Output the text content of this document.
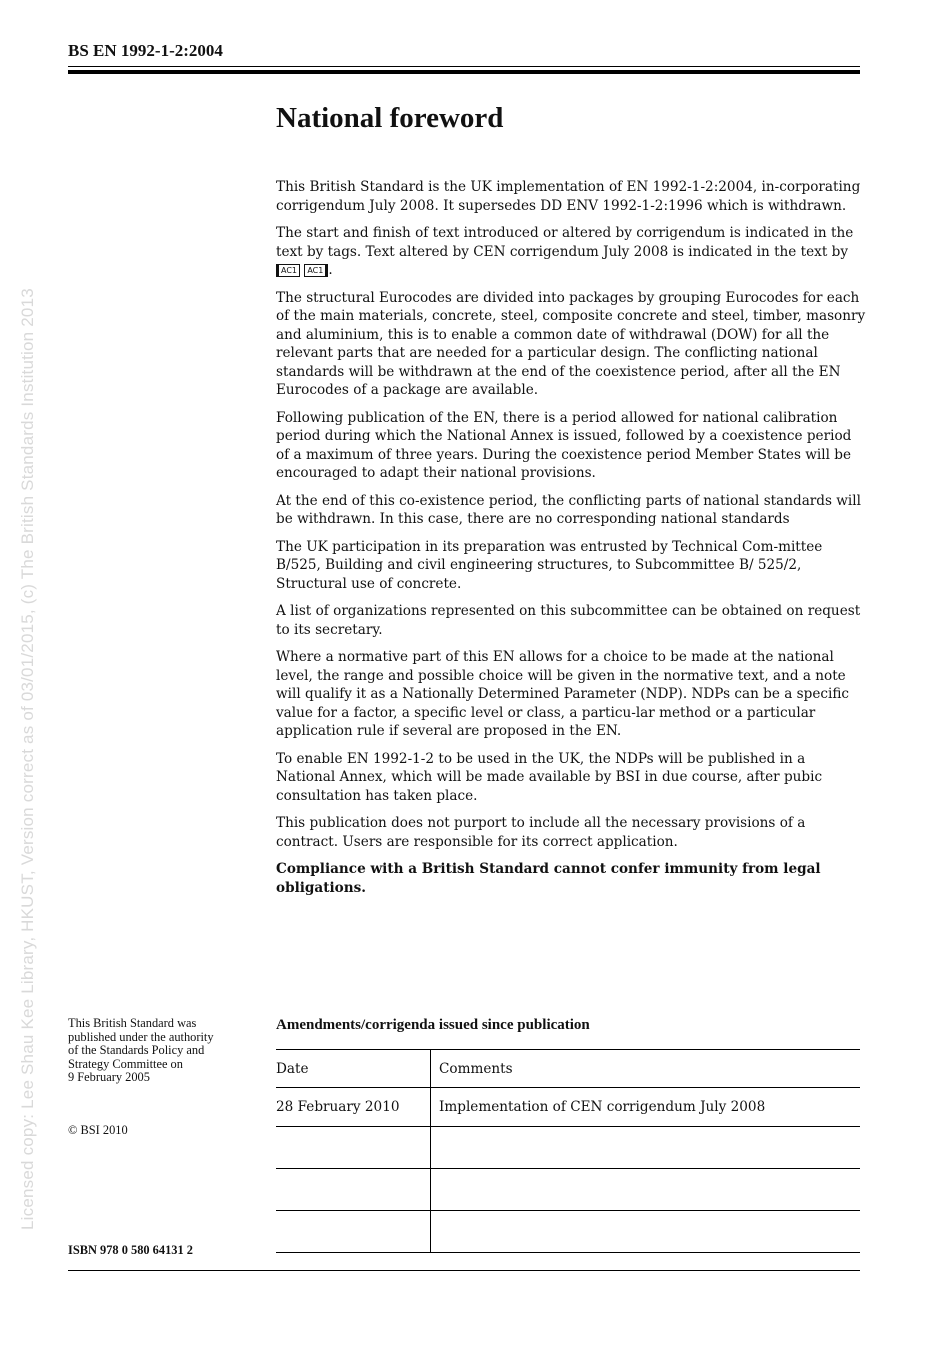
Licensed copy: Lee Shau Kee Library, HKUST, Version correct as of 03/01/2015, (c) The British Standards Institution 2013
BS EN 1992-1-2:2004
National foreword

This British Standard is the UK implementation of EN 1992-1-2:2004, in-corporating corrigendum July 2008. It supersedes DD ENV 1992-1-2:1996 which is withdrawn.

The start and finish of text introduced or altered by corrigendum is indicated in the text by tags. Text altered by CEN corrigendum July 2008 is indicated in the text by AC1 AC1 .

The structural Eurocodes are divided into packages by grouping Eurocodes for each of the main materials, concrete, steel, composite concrete and steel, timber, masonry and aluminium, this is to enable a common date of withdrawal (DOW) for all the relevant parts that are needed for a particular design. The conflicting national standards will be withdrawn at the end of the coexistence period, after all the EN Eurocodes of a package are available.

Following publication of the EN, there is a period allowed for national calibration period during which the National Annex is issued, followed by a coexistence period of a maximum of three years. During the coexistence period Member States will be encouraged to adapt their national provisions.

At the end of this co-existence period, the conflicting parts of national standards will be withdrawn. In this case, there are no corresponding national standards

The UK participation in its preparation was entrusted by Technical Com-mittee B/525, Building and civil engineering structures, to Subcommittee B/ 525/2, Structural use of concrete.

A list of organizations represented on this subcommittee can be obtained on request to its secretary.

Where a normative part of this EN allows for a choice to be made at the national level, the range and possible choice will be given in the normative text, and a note will qualify it as a Nationally Determined Parameter (NDP). NDPs can be a specific value for a factor, a specific level or class, a particu-lar method or a particular application rule if several are proposed in the EN.

To enable EN 1992-1-2 to be used in the UK, the NDPs will be published in a National Annex, which will be made available by BSI in due course, after pubic consultation has taken place.

This publication does not purport to include all the necessary provisions of a contract. Users are responsible for its correct application.

Compliance with a British Standard cannot confer immunity from legal obligations.

This British Standard was
published under the authority
of the Standards Policy and
Strategy Committee on
9 February 2005
© BSI 2010
ISBN 978 0 580 64131 2
Amendments/corrigenda issued since publication
Date	Comments
28 February 2010	Implementation of CEN corrigendum July 2008
